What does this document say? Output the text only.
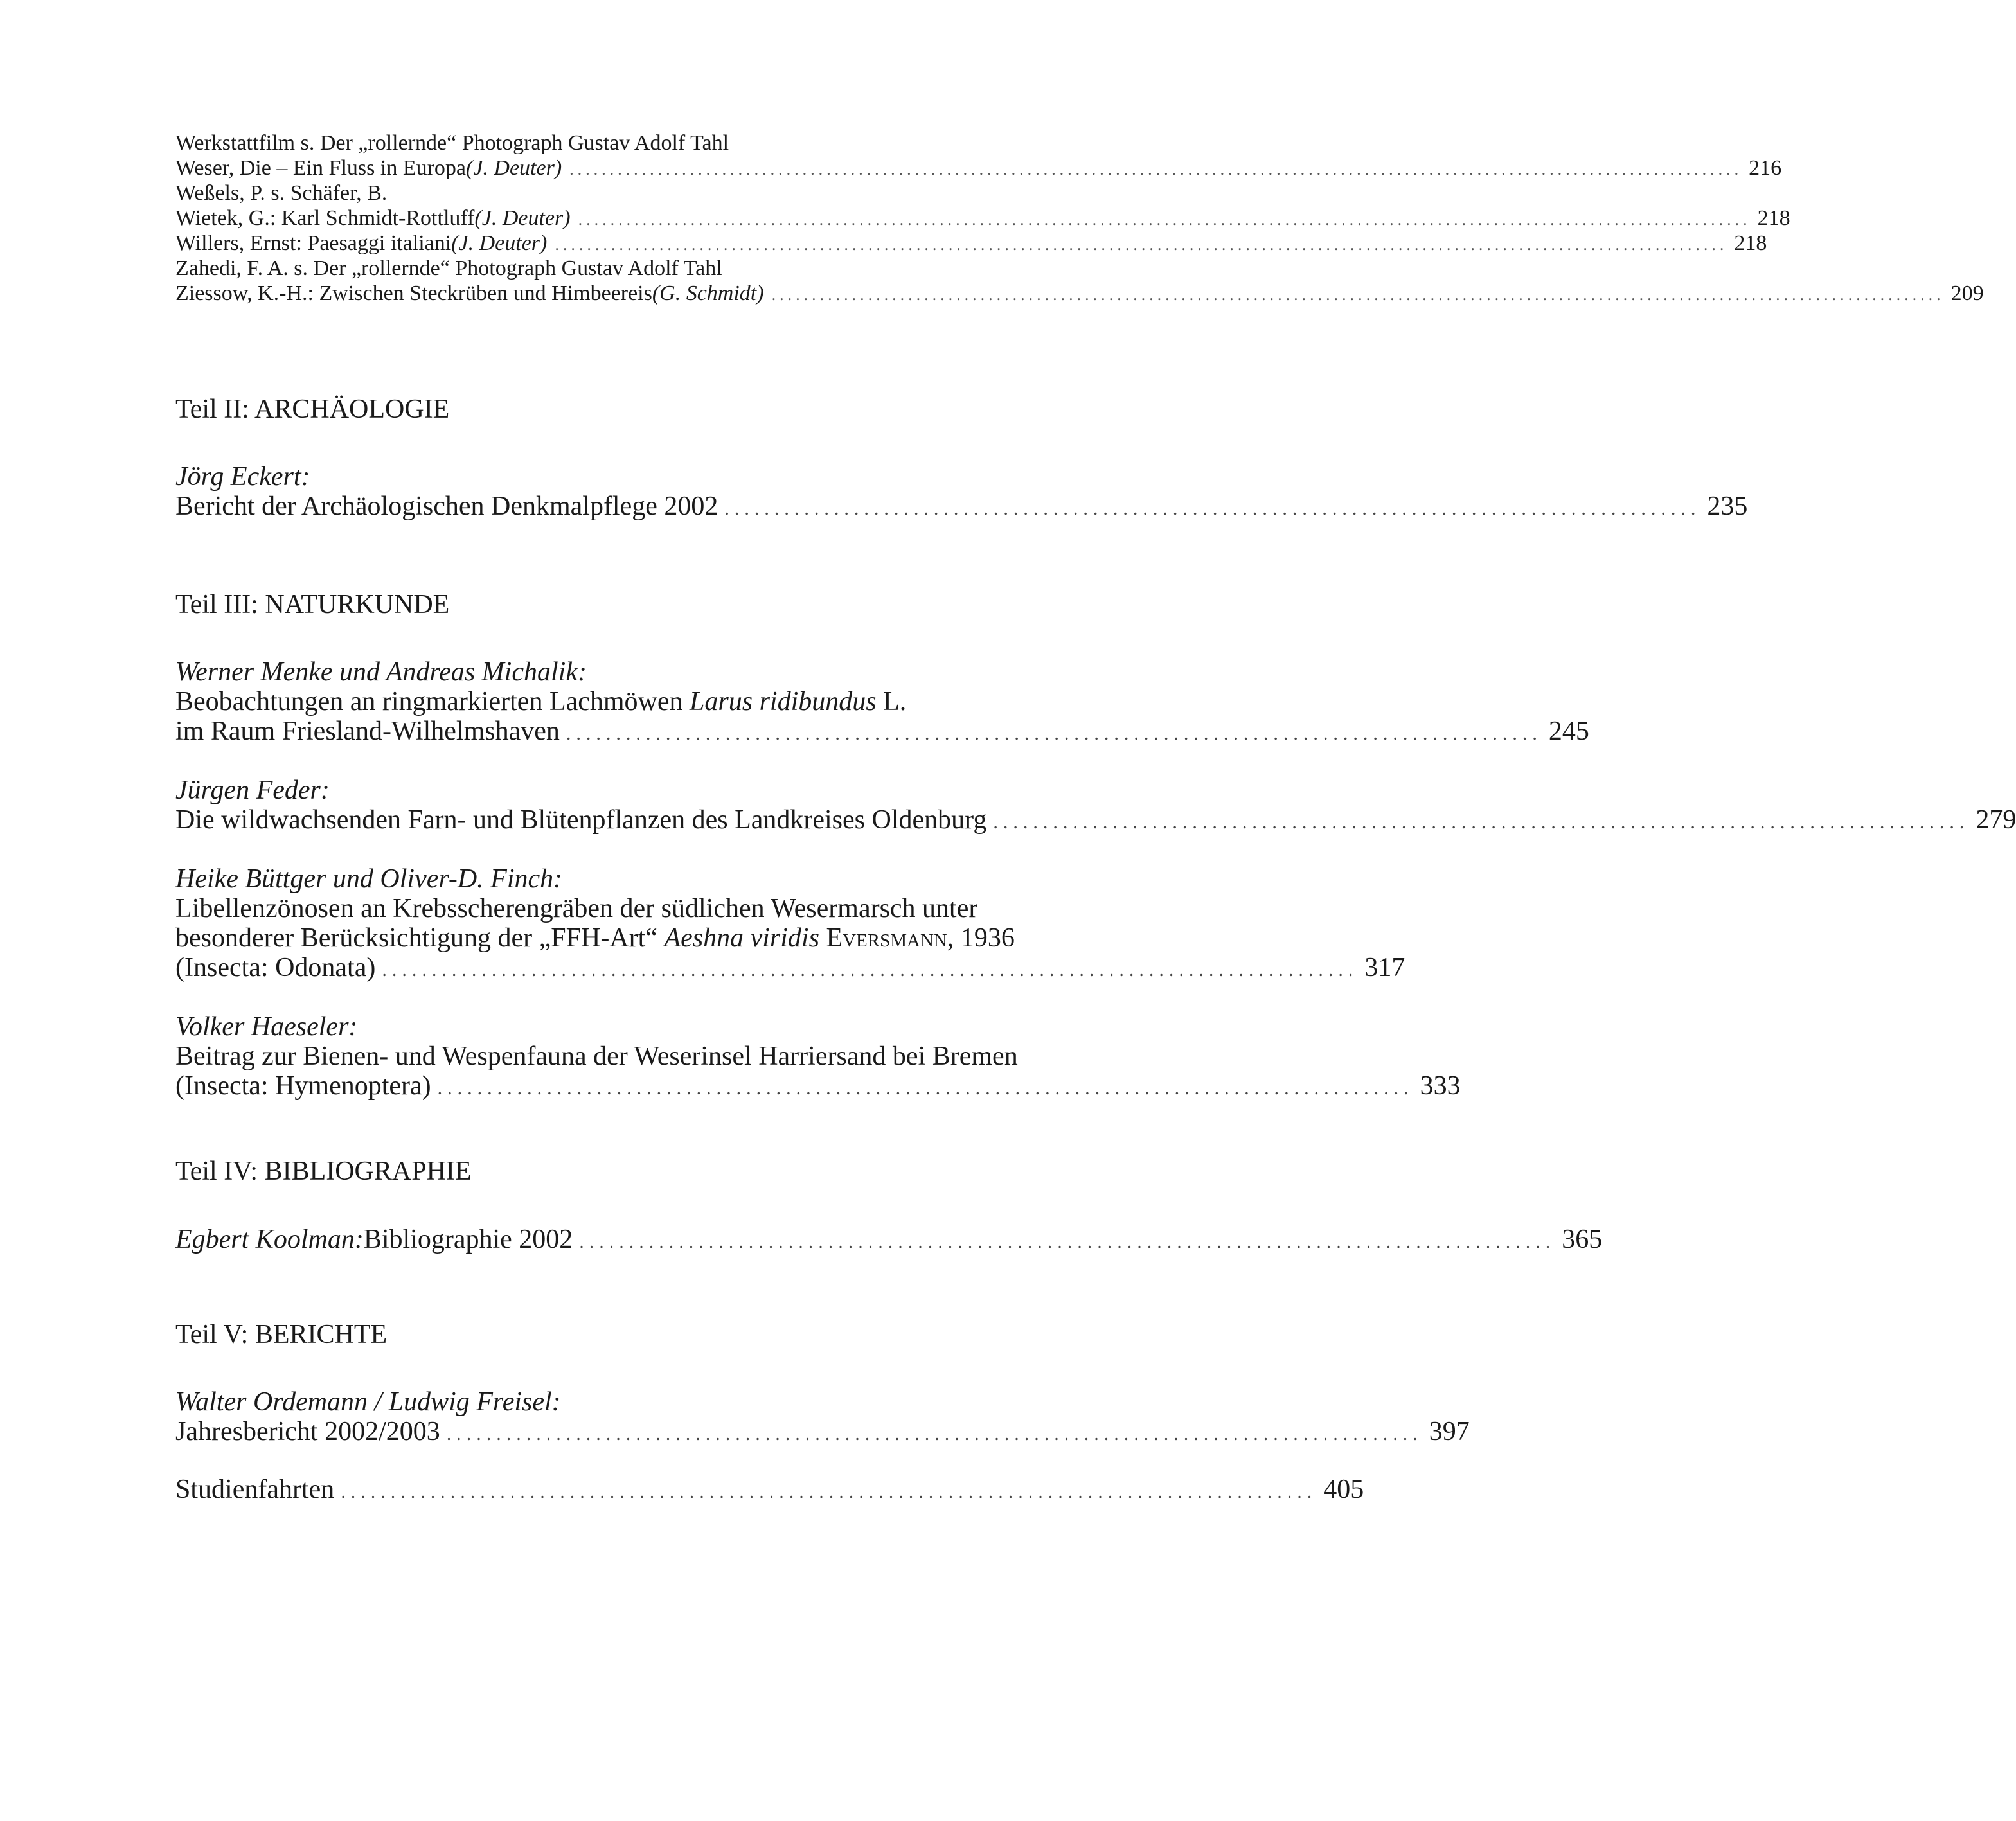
Werkstattfilm s. Der „rollernde“ Photograph Gustav Adolf Tahl
Weser, Die – Ein Fluss in Europa (J. Deuter) .................................................................................................................................................. 216
Weßels, P. s. Schäfer, B.
Wietek, G.: Karl Schmidt-Rottluff (J. Deuter) .................................................................................................................................................. 218
Willers, Ernst: Paesaggi italiani (J. Deuter) .................................................................................................................................................. 218
Zahedi, F. A. s. Der „rollernde“ Photograph Gustav Adolf Tahl
Ziessow, K.-H.: Zwischen Steckrüben und Himbeereis (G. Schmidt) .................................................................................................................................................. 209
Teil II: ARCHÄOLOGIE
Jörg Eckert:
Bericht der Archäologischen Denkmalpflege 2002 .................................................................................................. 235
Teil III: NATURKUNDE
Werner Menke und Andreas Michalik:
Beobachtungen an ringmarkierten Lachmöwen Larus ridibundus L.
im Raum Friesland-Wilhelmshaven .................................................................................................. 245
Jürgen Feder:
Die wildwachsenden Farn- und Blütenpflanzen des Landkreises Oldenburg .................................................................................................. 279
Heike Büttger und Oliver-D. Finch:
Libellenzönosen an Krebsscherengräben der südlichen Wesermarsch unter
besonderer Berücksichtigung der „FFH-Art“ Aeshna viridis Eversmann, 1936
(Insecta: Odonata) .................................................................................................. 317
Volker Haeseler:
Beitrag zur Bienen- und Wespenfauna der Weserinsel Harriersand bei Bremen
(Insecta: Hymenoptera) .................................................................................................. 333
Teil IV: BIBLIOGRAPHIE
Egbert Koolman: Bibliographie 2002 .................................................................................................. 365
Teil V: BERICHTE
Walter Ordemann / Ludwig Freisel:
Jahresbericht 2002/2003 .................................................................................................. 397
Studienfahrten .................................................................................................. 405
